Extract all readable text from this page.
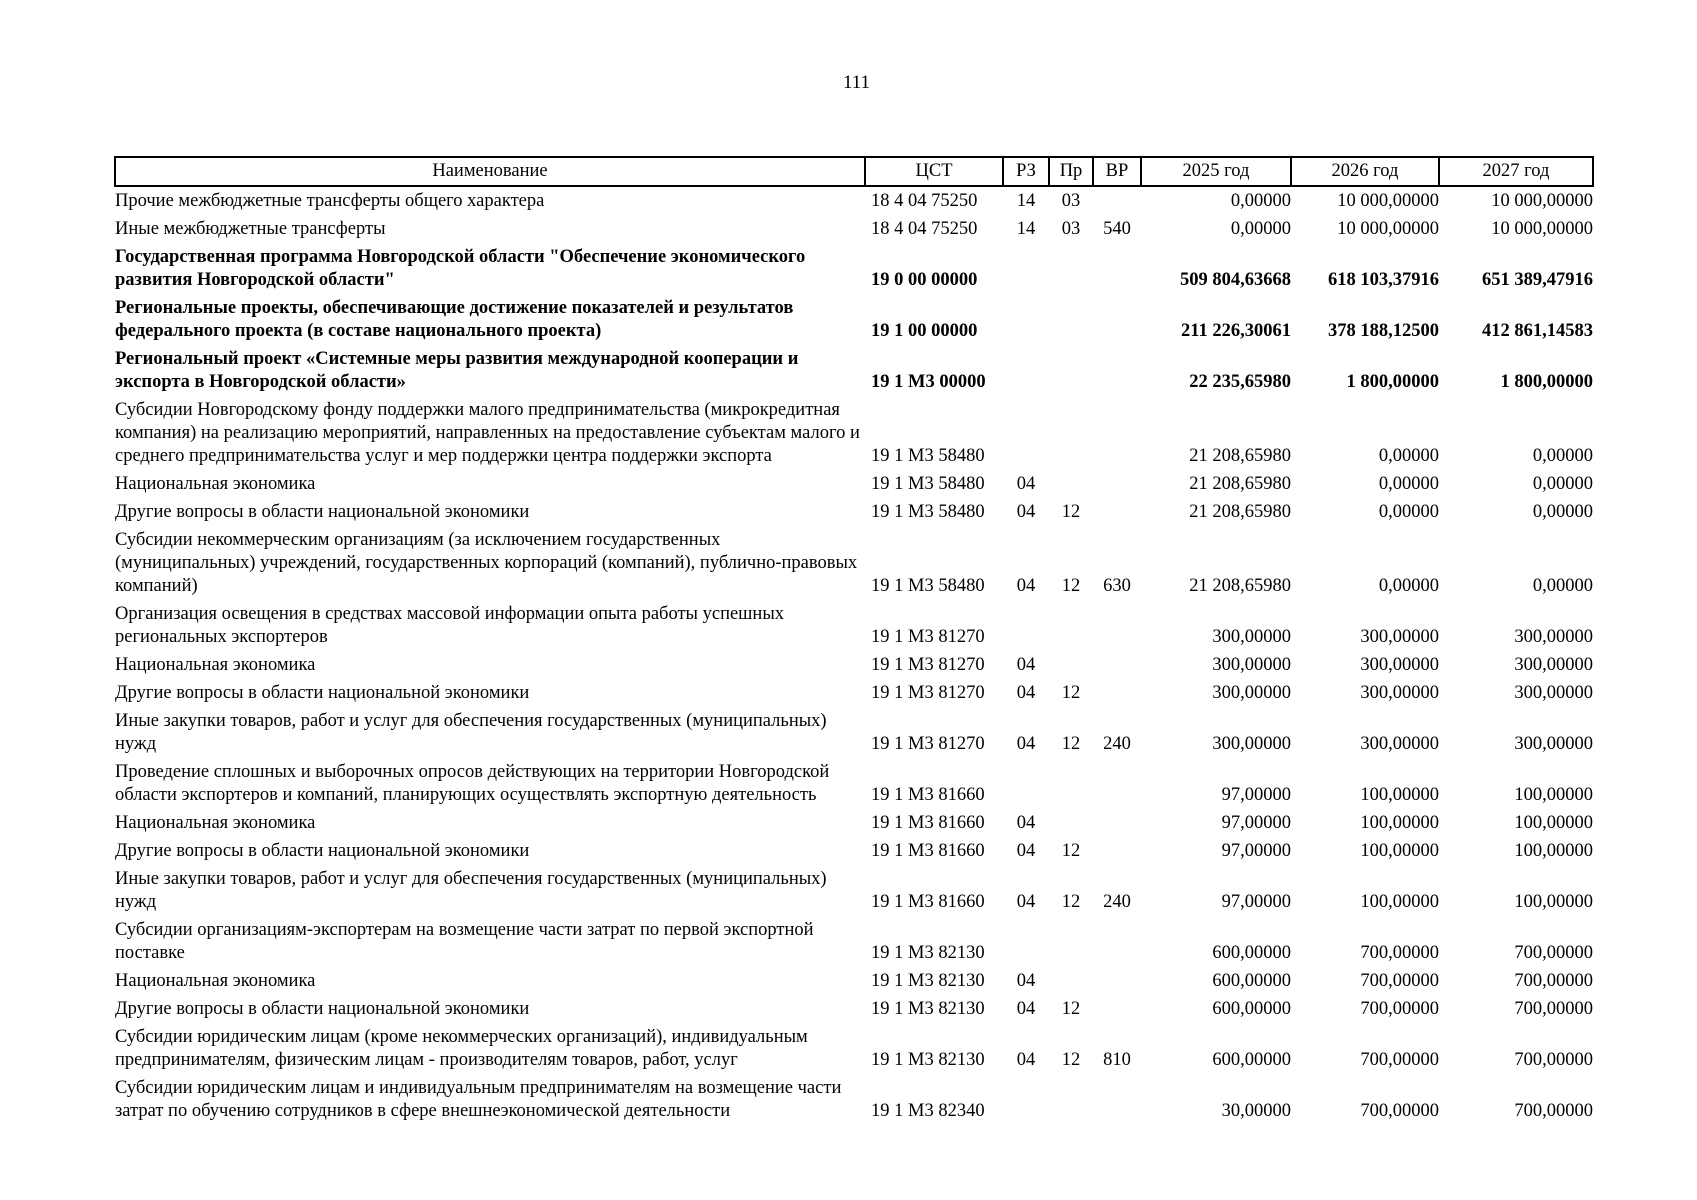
111
Наименование	ЦСТ	РЗ	Пр	ВР	2025 год	2026 год	2027 год
Прочие межбюджетные трансферты общего характера	18 4 04 75250	14	03		0,00000	10 000,00000	10 000,00000
Иные межбюджетные трансферты	18 4 04 75250	14	03	540	0,00000	10 000,00000	10 000,00000
Государственная программа Новгородской области "Обеспечение экономического развития Новгородской области"	19 0 00 00000				509 804,63668	618 103,37916	651 389,47916
Региональные проекты, обеспечивающие достижение показателей и результатов федерального проекта (в составе национального проекта)	19 1 00 00000				211 226,30061	378 188,12500	412 861,14583
Региональный проект «Системные меры развития международной кооперации и экспорта в Новгородской области»	19 1 М3 00000				22 235,65980	1 800,00000	1 800,00000
Субсидии Новгородскому фонду поддержки малого предпринимательства (микрокредитная компания) на реализацию мероприятий, направленных на предоставление субъектам малого и среднего предпринимательства услуг и мер поддержки центра поддержки экспорта	19 1 М3 58480				21 208,65980	0,00000	0,00000
Национальная экономика	19 1 М3 58480	04			21 208,65980	0,00000	0,00000
Другие вопросы в области национальной экономики	19 1 М3 58480	04	12		21 208,65980	0,00000	0,00000
Субсидии некоммерческим организациям (за исключением государственных (муниципальных) учреждений, государственных корпораций (компаний), публично-правовых компаний)	19 1 М3 58480	04	12	630	21 208,65980	0,00000	0,00000
Организация освещения в средствах массовой информации опыта работы успешных региональных экспортеров	19 1 М3 81270				300,00000	300,00000	300,00000
Национальная экономика	19 1 М3 81270	04			300,00000	300,00000	300,00000
Другие вопросы в области национальной экономики	19 1 М3 81270	04	12		300,00000	300,00000	300,00000
Иные закупки товаров, работ и услуг для обеспечения государственных (муниципальных) нужд	19 1 М3 81270	04	12	240	300,00000	300,00000	300,00000
Проведение сплошных и выборочных опросов действующих на территории Новгородской области экспортеров и компаний, планирующих осуществлять экспортную деятельность	19 1 М3 81660				97,00000	100,00000	100,00000
Национальная экономика	19 1 М3 81660	04			97,00000	100,00000	100,00000
Другие вопросы в области национальной экономики	19 1 М3 81660	04	12		97,00000	100,00000	100,00000
Иные закупки товаров, работ и услуг для обеспечения государственных (муниципальных) нужд	19 1 М3 81660	04	12	240	97,00000	100,00000	100,00000
Субсидии организациям-экспортерам на возмещение части затрат по первой экспортной поставке	19 1 М3 82130				600,00000	700,00000	700,00000
Национальная экономика	19 1 М3 82130	04			600,00000	700,00000	700,00000
Другие вопросы в области национальной экономики	19 1 М3 82130	04	12		600,00000	700,00000	700,00000
Субсидии юридическим лицам (кроме некоммерческих организаций), индивидуальным предпринимателям, физическим лицам - производителям товаров, работ, услуг	19 1 М3 82130	04	12	810	600,00000	700,00000	700,00000
Субсидии юридическим лицам и индивидуальным предпринимателям на возмещение части затрат по обучению сотрудников в сфере внешнеэкономической деятельности	19 1 М3 82340				30,00000	700,00000	700,00000
